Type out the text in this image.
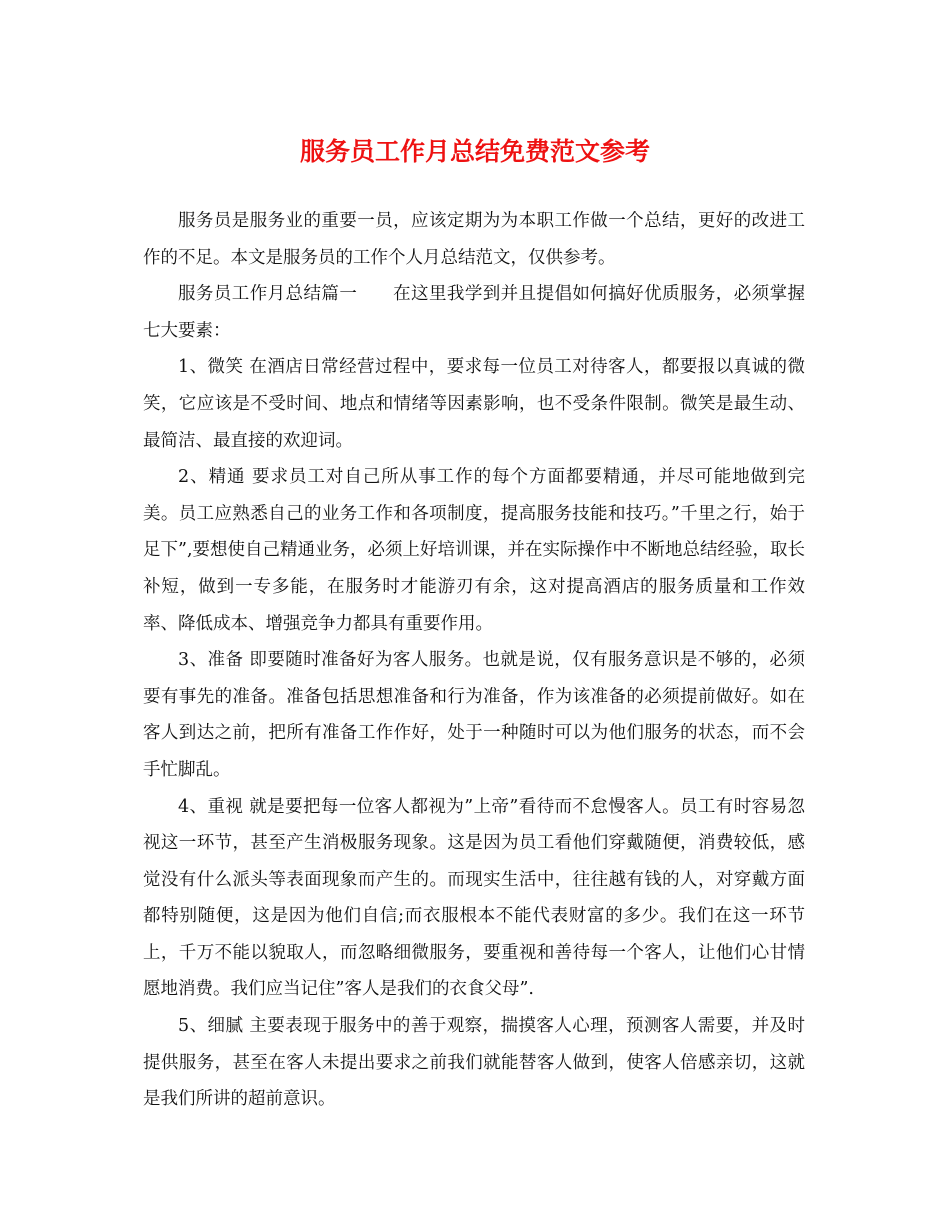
服务员工作月总结免费范文参考

服务员是服务业的重要一员，应该定期为为本职工作做一个总结，更好的改进工作的不足。本文是服务员的工作个人月总结范文，仅供参考。

服务员工作月总结篇一　　在这里我学到并且提倡如何搞好优质服务，必须掌握七大要素：

1、微笑 在酒店日常经营过程中，要求每一位员工对待客人，都要报以真诚的微笑，它应该是不受时间、地点和情绪等因素影响，也不受条件限制。微笑是最生动、最简洁、最直接的欢迎词。

2、精通 要求员工对自己所从事工作的每个方面都要精通，并尽可能地做到完美。员工应熟悉自己的业务工作和各项制度，提高服务技能和技巧。”千里之行，始于足下”,要想使自己精通业务，必须上好培训课，并在实际操作中不断地总结经验，取长补短，做到一专多能，在服务时才能游刃有余，这对提高酒店的服务质量和工作效率、降低成本、增强竞争力都具有重要作用。

3、准备 即要随时准备好为客人服务。也就是说，仅有服务意识是不够的，必须要有事先的准备。准备包括思想准备和行为准备，作为该准备的必须提前做好。如在客人到达之前，把所有准备工作作好，处于一种随时可以为他们服务的状态，而不会手忙脚乱。

4、重视 就是要把每一位客人都视为”上帝”看待而不怠慢客人。员工有时容易忽视这一环节，甚至产生消极服务现象。这是因为员工看他们穿戴随便，消费较低，感觉没有什么派头等表面现象而产生的。而现实生活中，往往越有钱的人，对穿戴方面都特别随便，这是因为他们自信;而衣服根本不能代表财富的多少。我们在这一环节上，千万不能以貌取人，而忽略细微服务，要重视和善待每一个客人，让他们心甘情愿地消费。我们应当记住”客人是我们的衣食父母”.

5、细腻 主要表现于服务中的善于观察，揣摸客人心理，预测客人需要，并及时提供服务，甚至在客人未提出要求之前我们就能替客人做到，使客人倍感亲切，这就是我们所讲的超前意识。
